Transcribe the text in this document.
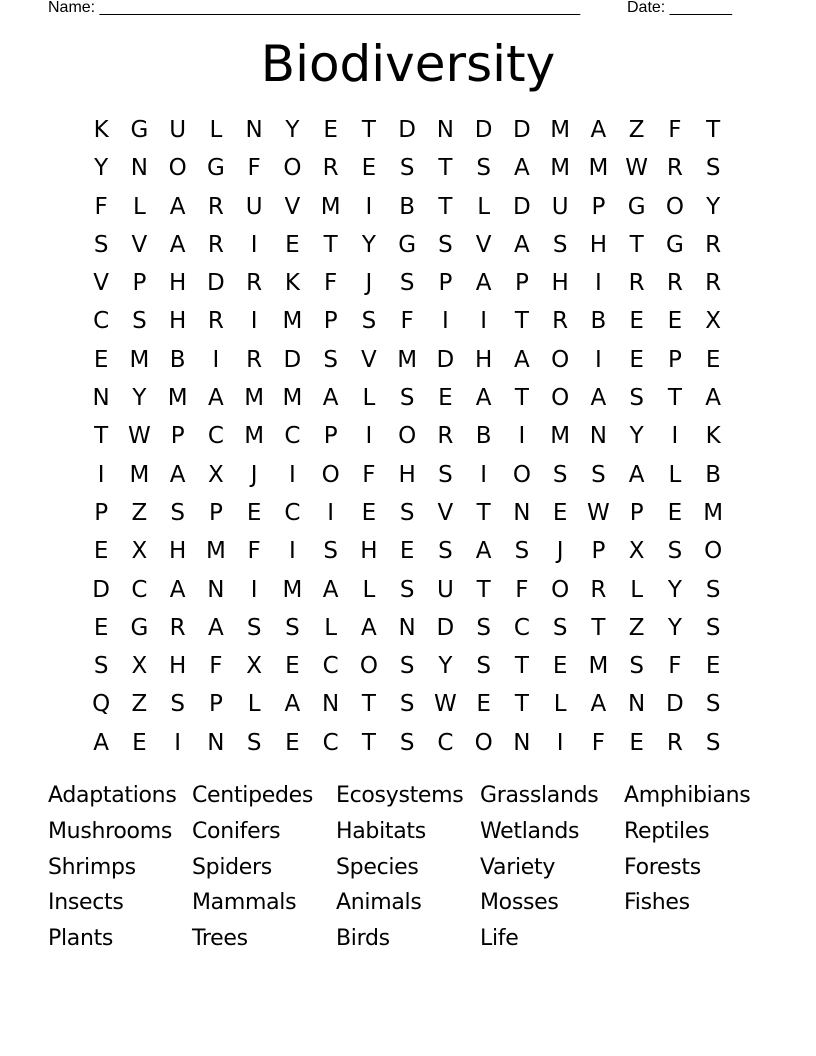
Name: ______________________________________________________	Date: _______
Biodiversity
K G U	L	N Y	E	T D N D D M A Z	F	T
Y N O G F O R E	S	T	S	A M M W R S
F	L	A R U V M	I	B	T	L D U P G O Y
S	V A R	I	E	T	Y G S	V A	S H T G R
V	P H D R K	F	J	S	P	A	P H	I	R R R
C S H R	I	M P	S	F	I	I	T	R B	E	E	X
E M B	I	R D S	V M D H A O	I	E	P	E
N Y M A M M A	L	S	E	A	T O A	S	T	A
T W P	C M C	P	I	O R B	I	M N Y	I	K
I	M A X	J	I	O F H S	I	O S	S	A	L	B
P	Z	S	P	E C	I	E	S	V	T N E W P	E M
E	X H M F	I	S H E	S	A	S	J	P	X	S O
D C A N	I	M A	L	S U T	F O R	L	Y	S
E G R A	S	S	L	A N D S C S	T	Z	Y	S
S	X H F	X	E C O S	Y	S	T	E M S	F	E
Q Z	S	P	L	A N T	S W E	T	L	A N D S
A	E	I	N S	E C	T	S C O N	I	F	E R S
Adaptations Centipedes	Ecosystems Grasslands	Amphibians
Mushrooms Conifers	Habitats	Wetlands	Reptiles
Shrimps	Spiders	Species	Variety	Forests
Insects	Mammals	Animals	Mosses	Fishes
Plants	Trees	Birds	Life
